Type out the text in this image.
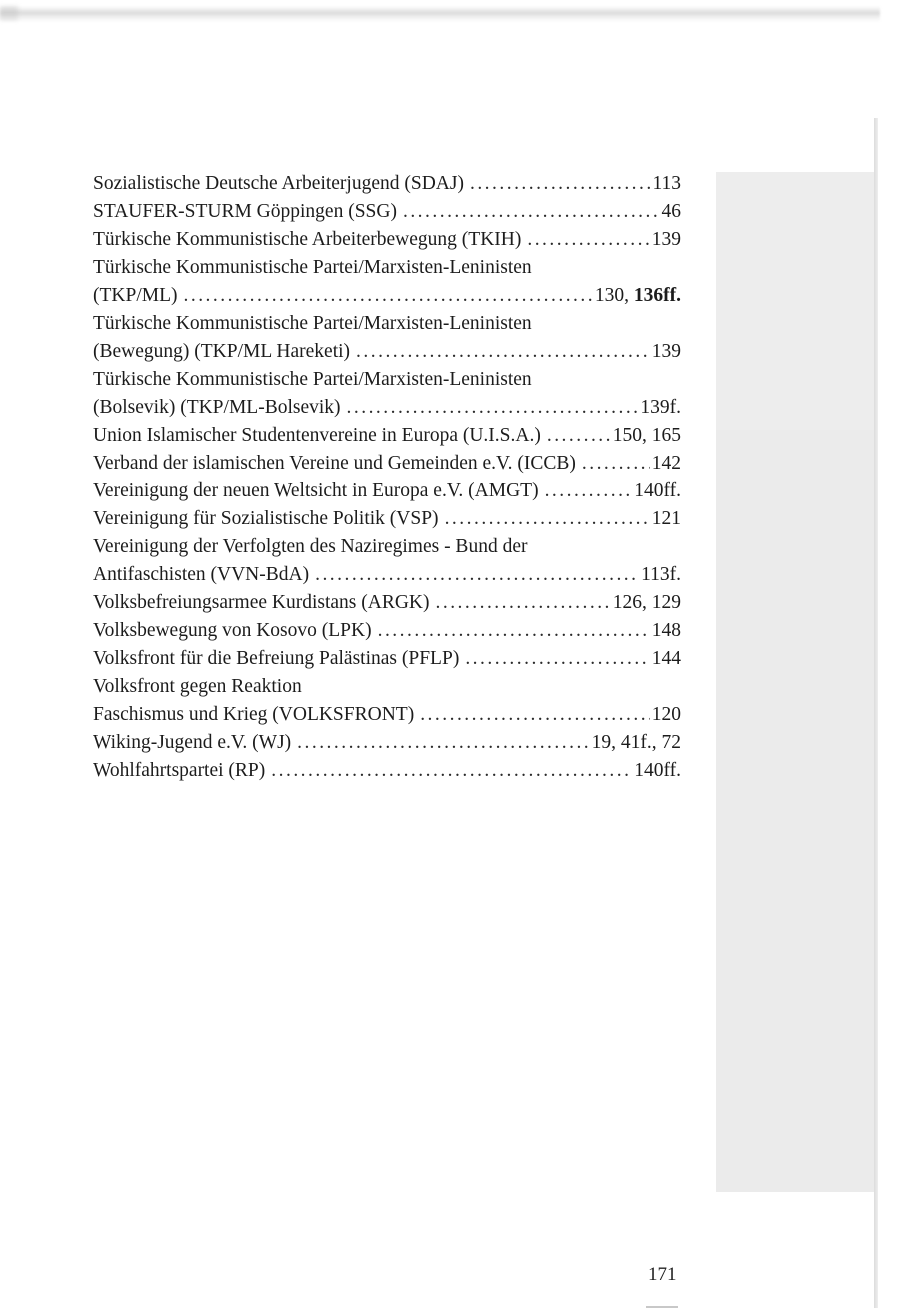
Sozialistische Deutsche Arbeiterjugend (SDAJ) . . .	113
STAUFER-STURM Göppingen (SSG) . . .	46
Türkische Kommunistische Arbeiterbewegung (TKIH) . . .	139
Türkische Kommunistische Partei/Marxisten-Leninisten
(TKP/ML) . . .	130, 136ff.
Türkische Kommunistische Partei/Marxisten-Leninisten
(Bewegung) (TKP/ML Hareketi) . . .	139
Türkische Kommunistische Partei/Marxisten-Leninisten
(Bolsevik) (TKP/ML-Bolsevik) . . .	139f.
Union Islamischer Studentenvereine in Europa (U.I.S.A.) . . .	150, 165
Verband der islamischen Vereine und Gemeinden e.V. (ICCB) . . .	142
Vereinigung der neuen Weltsicht in Europa e.V. (AMGT) . . .	140ff.
Vereinigung für Sozialistische Politik (VSP) . . .	121
Vereinigung der Verfolgten des Naziregimes - Bund der
Antifaschisten (VVN-BdA) . . .	113f.
Volksbefreiungsarmee Kurdistans (ARGK) . . .	126, 129
Volksbewegung von Kosovo (LPK) . . .	148
Volksfront für die Befreiung Palästinas (PFLP) . . .	144
Volksfront gegen Reaktion
Faschismus und Krieg (VOLKSFRONT) . . .	120
Wiking-Jugend e.V. (WJ) . . .	19, 41f., 72
Wohlfahrtspartei (RP) . . .	140ff.
171
